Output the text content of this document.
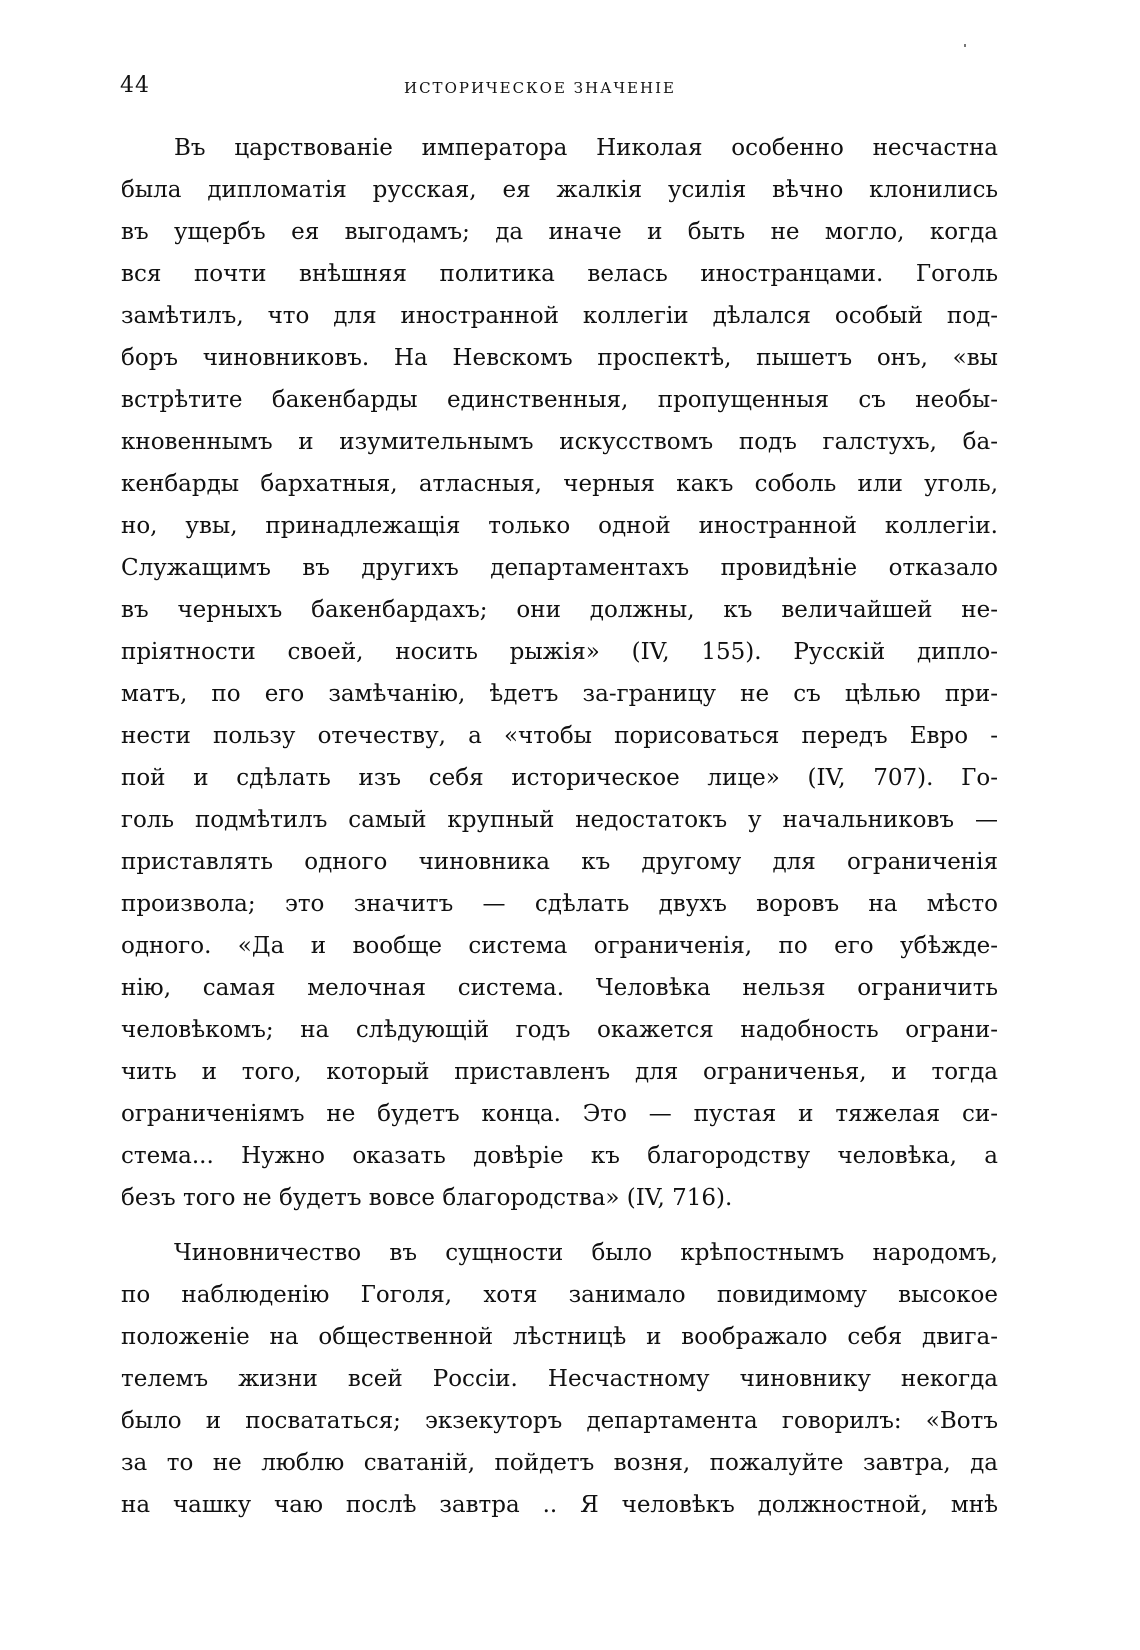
44	ИСТОРИЧЕСКОЕ ЗНАЧЕНІЕ
Въ царствованіе императора Николая особенно несчастна
была дипломатія русская, ея жалкія усилія вѣчно клонились
въ ущербъ ея выгодамъ; да иначе и быть не могло, когда
вся почти внѣшняя политика велась иностранцами. Гоголь
замѣтилъ, что для иностранной коллегіи дѣлался особый под-
боръ чиновниковъ. На Невскомъ проспектѣ, пышетъ онъ, «вы
встрѣтите бакенбарды единственныя, пропущенныя съ необы-
кновеннымъ и изумительнымъ искусствомъ подъ галстухъ, ба-
кенбарды бархатныя, атласныя, черныя какъ соболь или уголь,
но, увы, принадлежащія только одной иностранной коллегіи.
Служащимъ въ другихъ департаментахъ провидѣніе отказало
въ черныхъ бакенбардахъ; они должны, къ величайшей не-
пріятности своей, носить рыжія» (IV, 155). Русскій дипло-
матъ, по его замѣчанію, ѣдетъ за-границу не съ цѣлью при-
нести пользу отечеству, а «чтобы порисоваться передъ Евро -
пой и сдѣлать изъ себя историческое лице» (IV, 707). Го-
голь подмѣтилъ самый крупный недостатокъ у начальниковъ —
приставлять одного чиновника къ другому для ограниченія
произвола; это значитъ — сдѣлать двухъ воровъ на мѣсто
одного. «Да и вообще система ограниченія, по его убѣжде-
нію, самая мелочная система. Человѣка нельзя ограничить
человѣкомъ; на слѣдующій годъ окажется надобность ограни-
чить и того, который приставленъ для ограниченья, и тогда
ограниченіямъ не будетъ конца. Это — пустая и тяжелая си-
стема... Нужно оказать довѣріе къ благородству человѣка, а
безъ того не будетъ вовсе благородства» (IV, 716).
Чиновничество въ сущности было крѣпостнымъ народомъ,
по наблюденію Гоголя, хотя занимало повидимому высокое
положеніе на общественной лѣстницѣ и воображало себя двига-
телемъ жизни всей Россіи. Несчастному чиновнику некогда
было и посвататься; экзекуторъ департамента говорилъ: «Вотъ
за то не люблю сватаній, пойдетъ возня, пожалуйте завтра, да
на чашку чаю послѣ завтра .. Я человѣкъ должностной, мнѣ
